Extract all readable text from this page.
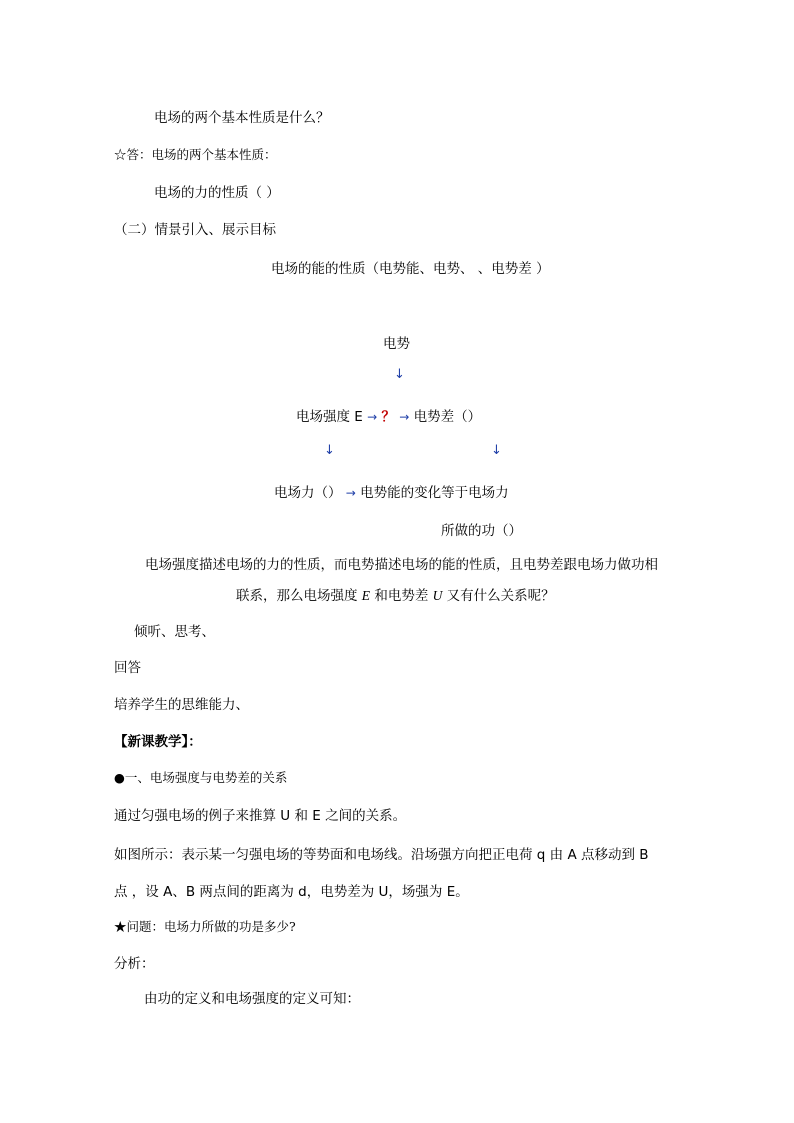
电场的两个基本性质是什么？
☆答：电场的两个基本性质：
电场的力的性质（ ）
（二）情景引入、展示目标
电场的能的性质（电势能、电势、 、电势差 ）
电势
↓
电场强度 E → ？ → 电势差（）
↓	↓
电场力（） → 电势能的变化等于电场力
所做的功（）
电场强度描述电场的力的性质，而电势描述电场的能的性质，且电势差跟电场力做功相
联系，那么电场强度 E 和电势差 U 又有什么关系呢？
倾听、思考、
回答
培养学生的思维能力、
【新课教学】：
●一、电场强度与电势差的关系
通过匀强电场的例子来推算 U 和 E 之间的关系。
如图所示：表示某一匀强电场的等势面和电场线。沿场强方向把正电荷 q 由 A 点移动到 B
点 ，设 A、B 两点间的距离为 d，电势差为 U，场强为 E。
★问题：电场力所做的功是多少?
分析：
由功的定义和电场强度的定义可知：
